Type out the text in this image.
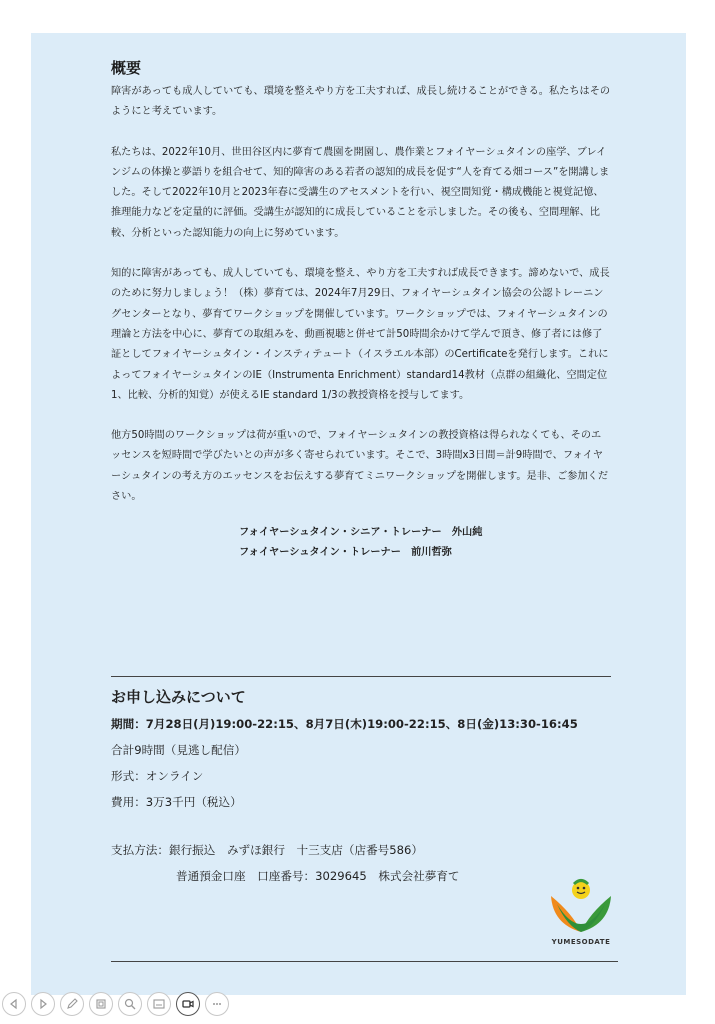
概要

障害があっても成人していても、環境を整えやり方を工夫すれば、成長し続けることができる。私たちはそのようにと考えています。

私たちは、2022年10月、世田谷区内に夢育て農園を開園し、農作業とフォイヤーシュタインの座学、ブレインジムの体操と夢語りを組合せて、知的障害のある若者の認知的成長を促す“人を育てる畑コース”を開講しました。そして2022年10月と2023年春に受講生のアセスメントを行い、視空間知覚・構成機能と視覚記憶、推理能力などを定量的に評価。受講生が認知的に成長していることを示しました。その後も、空間理解、比較、分析といった認知能力の向上に努めています。

知的に障害があっても、成人していても、環境を整え、やり方を工夫すれば成長できます。諦めないで、成長のために努力しましょう！（株）夢育ては、2024年7月29日、フォイヤーシュタイン協会の公認トレーニングセンターとなり、夢育てワークショップを開催しています。ワークショップでは、フォイヤーシュタインの理論と方法を中心に、夢育ての取組みを、動画視聴と併せて計50時間余かけて学んで頂き、修了者には修了証としてフォイヤーシュタイン・インスティテュート（イスラエル本部）のCertificateを発行します。これによってフォイヤーシュタインのIE（Instrumenta Enrichment）standard14教材（点群の組織化、空間定位1、比較、分析的知覚）が使えるIE standard 1/3の教授資格を授与してます。

他方50時間のワークショップは荷が重いので、フォイヤーシュタインの教授資格は得られなくても、そのエッセンスを短時間で学びたいとの声が多く寄せられています。そこで、3時間x3日間＝計9時間で、フォイヤーシュタインの考え方のエッセンスをお伝えする夢育てミニワークショップを開催します。是非、ご参加ください。

フォイヤーシュタイン・シニア・トレーナー　外山純
フォイヤーシュタイン・トレーナー　前川哲弥
お申し込みについて
期間：7月28日(月)19:00-22:15、8月7日(木)19:00-22:15、8日(金)13:30-16:45
合計9時間（見逃し配信）
形式：オンライン
費用：3万3千円（税込）
支払方法：銀行振込　みずほ銀行　十三支店（店番号586）
普通預金口座　口座番号：3029645　株式会社夢育て
YUMESODATE
